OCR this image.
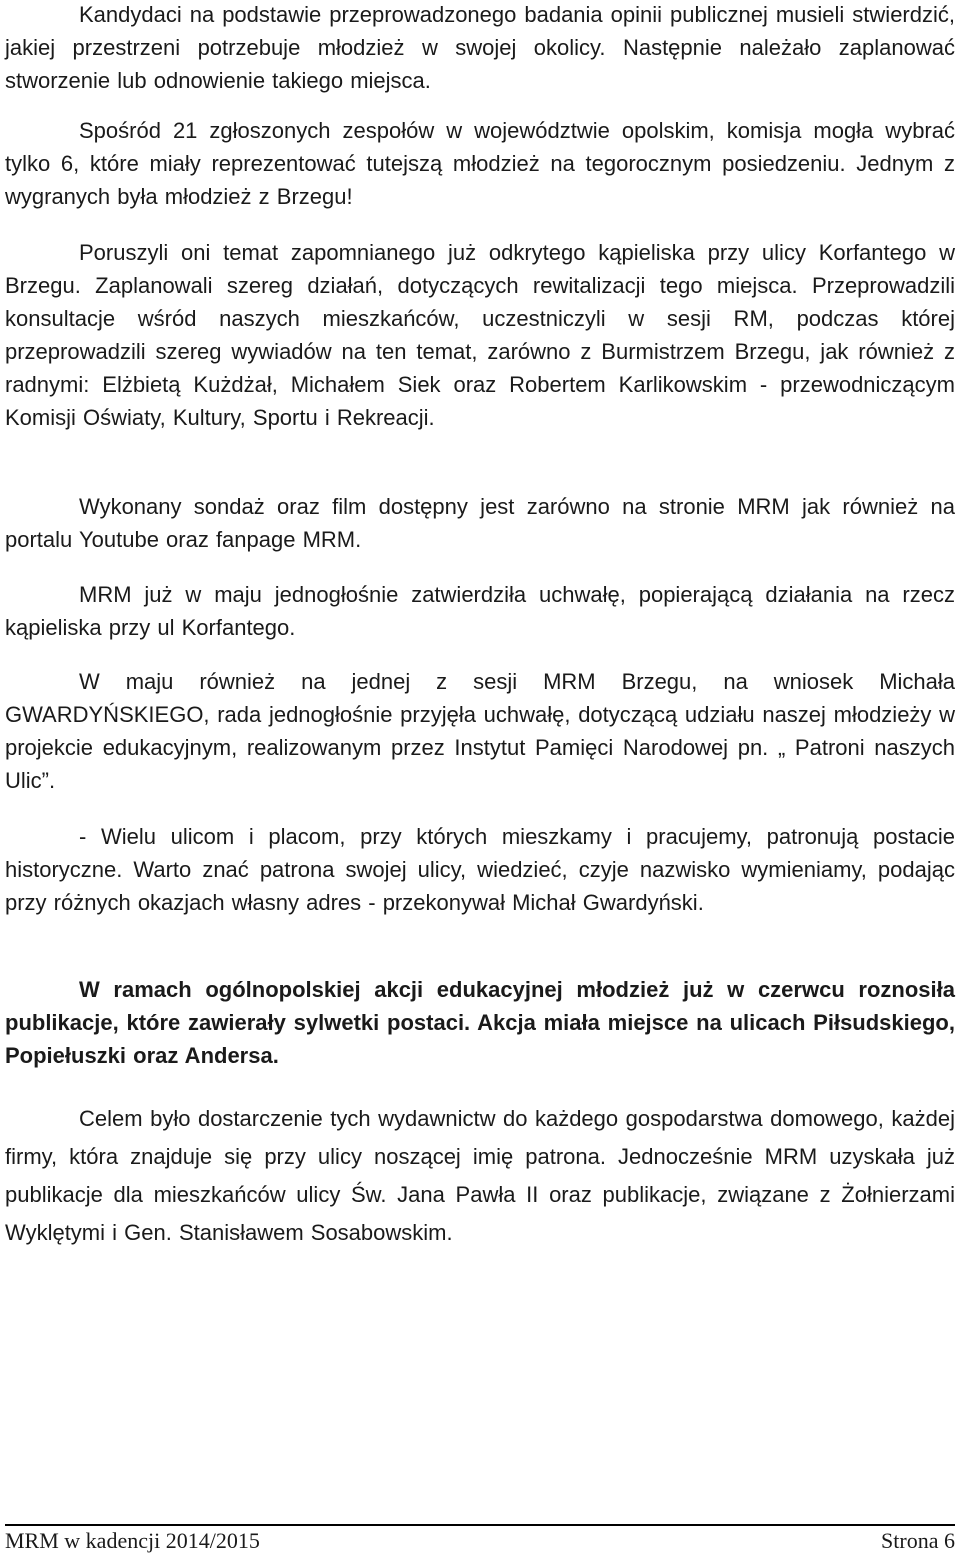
Kandydaci na podstawie przeprowadzonego badania opinii publicznej musieli stwierdzić, jakiej przestrzeni potrzebuje młodzież w swojej okolicy. Następnie należało zaplanować stworzenie lub odnowienie takiego miejsca.

Spośród 21 zgłoszonych zespołów w województwie opolskim, komisja mogła wybrać tylko 6, które miały reprezentować tutejszą młodzież na tegorocznym posiedzeniu. Jednym z wygranych była młodzież z Brzegu!

Poruszyli oni temat zapomnianego już odkrytego kąpieliska przy ulicy Korfantego w Brzegu. Zaplanowali szereg działań, dotyczących rewitalizacji tego miejsca. Przeprowadzili konsultacje wśród naszych mieszkańców, uczestniczyli w sesji RM, podczas której przeprowadzili szereg wywiadów na ten temat, zarówno z Burmistrzem Brzegu, jak również z radnymi: Elżbietą Kużdżał, Michałem Siek oraz Robertem Karlikowskim - przewodniczącym Komisji Oświaty, Kultury, Sportu i Rekreacji.

Wykonany sondaż oraz film dostępny jest zarówno na stronie MRM jak również na portalu Youtube oraz fanpage MRM.

MRM już w maju jednogłośnie zatwierdziła uchwałę, popierającą działania na rzecz kąpieliska przy ul Korfantego.

W maju również na jednej z sesji MRM Brzegu, na wniosek Michała GWARDYŃSKIEGO, rada jednogłośnie przyjęła uchwałę, dotyczącą udziału naszej młodzieży w projekcie edukacyjnym, realizowanym przez Instytut Pamięci Narodowej pn. „ Patroni naszych Ulic”.

- Wielu ulicom i placom, przy których mieszkamy i pracujemy, patronują postacie historyczne. Warto znać patrona swojej ulicy, wiedzieć, czyje nazwisko wymieniamy, podając przy różnych okazjach własny adres - przekonywał Michał Gwardyński.

W ramach ogólnopolskiej akcji edukacyjnej młodzież już w czerwcu roznosiła publikacje, które zawierały sylwetki postaci. Akcja miała miejsce na ulicach Piłsudskiego, Popiełuszki oraz Andersa.

Celem było dostarczenie tych wydawnictw do każdego gospodarstwa domowego, każdej firmy, która znajduje się przy ulicy noszącej imię patrona. Jednocześnie MRM uzyskała już publikacje dla mieszkańców ulicy Św. Jana Pawła II oraz publikacje, związane z Żołnierzami Wyklętymi i Gen. Stanisławem Sosabowskim.

MRM w kadencji 2014/2015	Strona 6
